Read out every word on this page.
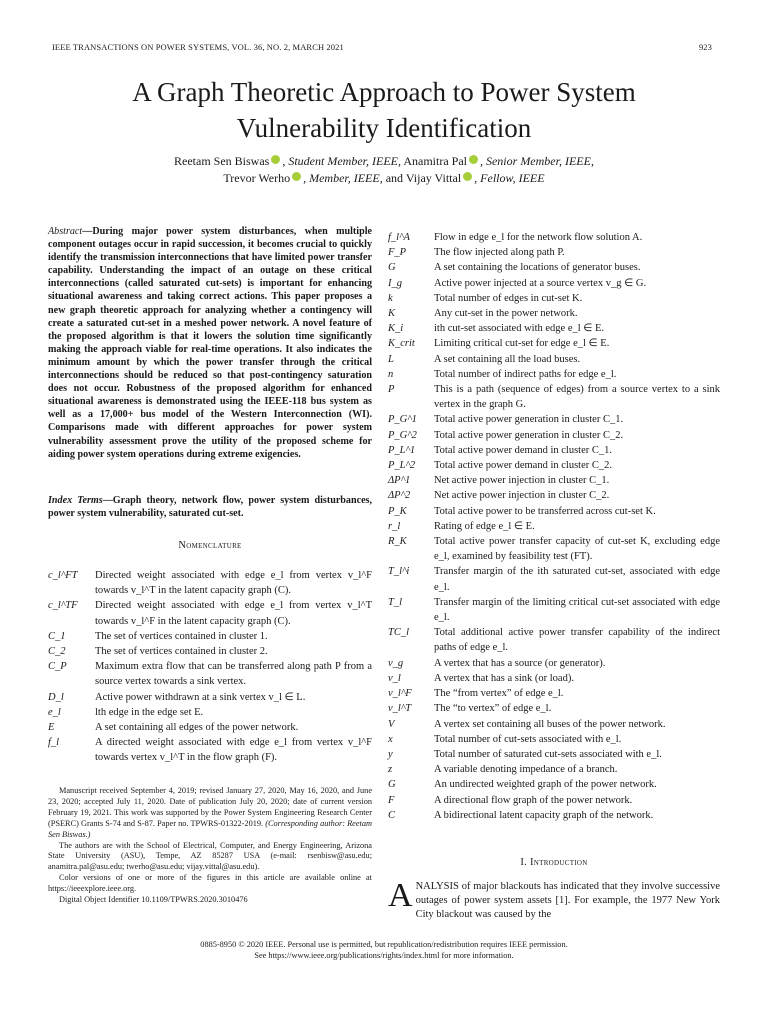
IEEE TRANSACTIONS ON POWER SYSTEMS, VOL. 36, NO. 2, MARCH 2021	923
A Graph Theoretic Approach to Power System
Vulnerability Identification
Reetam Sen Biswas , Student Member, IEEE, Anamitra Pal , Senior Member, IEEE,
Trevor Werho , Member, IEEE, and Vijay Vittal , Fellow, IEEE
Abstract—During major power system disturbances, when multiple component outages occur in rapid succession, it becomes crucial to quickly identify the transmission interconnections that have limited power transfer capability. Understanding the impact of an outage on these critical interconnections (called saturated cut-sets) is important for enhancing situational awareness and taking correct actions. This paper proposes a new graph theoretic approach for analyzing whether a contingency will create a saturated cut-set in a meshed power network. A novel feature of the proposed algorithm is that it lowers the solution time significantly making the approach viable for real-time operations. It also indicates the minimum amount by which the power transfer through the critical interconnections should be reduced so that post-contingency saturation does not occur. Robustness of the proposed algorithm for enhanced situational awareness is demonstrated using the IEEE-118 bus system as well as a 17,000+ bus model of the Western Interconnection (WI). Comparisons made with different approaches for power system vulnerability assessment prove the utility of the proposed scheme for aiding power system operations during extreme exigencies.
Index Terms—Graph theory, network flow, power system disturbances, power system vulnerability, saturated cut-set.
Nomenclature
c_l^FT	Directed weight associated with edge e_l from vertex v_l^F towards v_l^T in the latent capacity graph (C).
c_l^TF	Directed weight associated with edge e_l from vertex v_l^T towards v_l^F in the latent capacity graph (C).
C_1	The set of vertices contained in cluster 1.
C_2	The set of vertices contained in cluster 2.
C_P	Maximum extra flow that can be transferred along path P from a source vertex towards a sink vertex.
D_l	Active power withdrawn at a sink vertex v_l ∈ L.
e_l	lth edge in the edge set E.
E	A set containing all edges of the power network.
f_l	A directed weight associated with edge e_l from vertex v_l^F towards vertex v_l^T in the flow graph (F).
f_l^A	Flow in edge e_l for the network flow solution A.
F_P	The flow injected along path P.
G	A set containing the locations of generator buses.
I_g	Active power injected at a source vertex v_g ∈ G.
k	Total number of edges in cut-set K.
K	Any cut-set in the power network.
K_i	ith cut-set associated with edge e_l ∈ E.
K_crit	Limiting critical cut-set for edge e_l ∈ E.
L	A set containing all the load buses.
n	Total number of indirect paths for edge e_l.
P	This is a path (sequence of edges) from a source vertex to a sink vertex in the graph G.
P_G^1	Total active power generation in cluster C_1.
P_G^2	Total active power generation in cluster C_2.
P_L^1	Total active power demand in cluster C_1.
P_L^2	Total active power demand in cluster C_2.
ΔP^1	Net active power injection in cluster C_1.
ΔP^2	Net active power injection in cluster C_2.
P_K	Total active power to be transferred across cut-set K.
r_l	Rating of edge e_l ∈ E.
R_K	Total active power transfer capacity of cut-set K, excluding edge e_l, examined by feasibility test (FT).
T_l^i	Transfer margin of the ith saturated cut-set, associated with edge e_l.
T_l	Transfer margin of the limiting critical cut-set associated with edge e_l.
TC_l	Total additional active power transfer capability of the indirect paths of edge e_l.
v_g	A vertex that has a source (or generator).
v_l	A vertex that has a sink (or load).
v_l^F	The “from vertex” of edge e_l.
v_l^T	The “to vertex” of edge e_l.
V	A vertex set containing all buses of the power network.
x	Total number of cut-sets associated with e_l.
y	Total number of saturated cut-sets associated with e_l.
z	A variable denoting impedance of a branch.
G	An undirected weighted graph of the power network.
F	A directional flow graph of the power network.
C	A bidirectional latent capacity graph of the network.

Manuscript received September 4, 2019; revised January 27, 2020, May 16, 2020, and June 23, 2020; accepted July 11, 2020. Date of publication July 20, 2020; date of current version February 19, 2021. This work was supported by the Power System Engineering Research Center (PSERC) Grants S-74 and S-87. Paper no. TPWRS-01322-2019. (Corresponding author: Reetam Sen Biswas.)

The authors are with the School of Electrical, Computer, and Energy Engineering, Arizona State University (ASU), Tempe, AZ 85287 USA (e-mail: rsenbisw@asu.edu; anamitra.pal@asu.edu; twerho@asu.edu; vijay.vittal@asu.edu).

Color versions of one or more of the figures in this article are available online at https://ieeexplore.ieee.org.

Digital Object Identifier 10.1109/TPWRS.2020.3010476

I. Introduction
ANALYSIS of major blackouts has indicated that they involve successive outages of power system assets [1]. For example, the 1977 New York City blackout was caused by the
0885-8950 © 2020 IEEE. Personal use is permitted, but republication/redistribution requires IEEE permission.
See https://www.ieee.org/publications/rights/index.html for more information.
